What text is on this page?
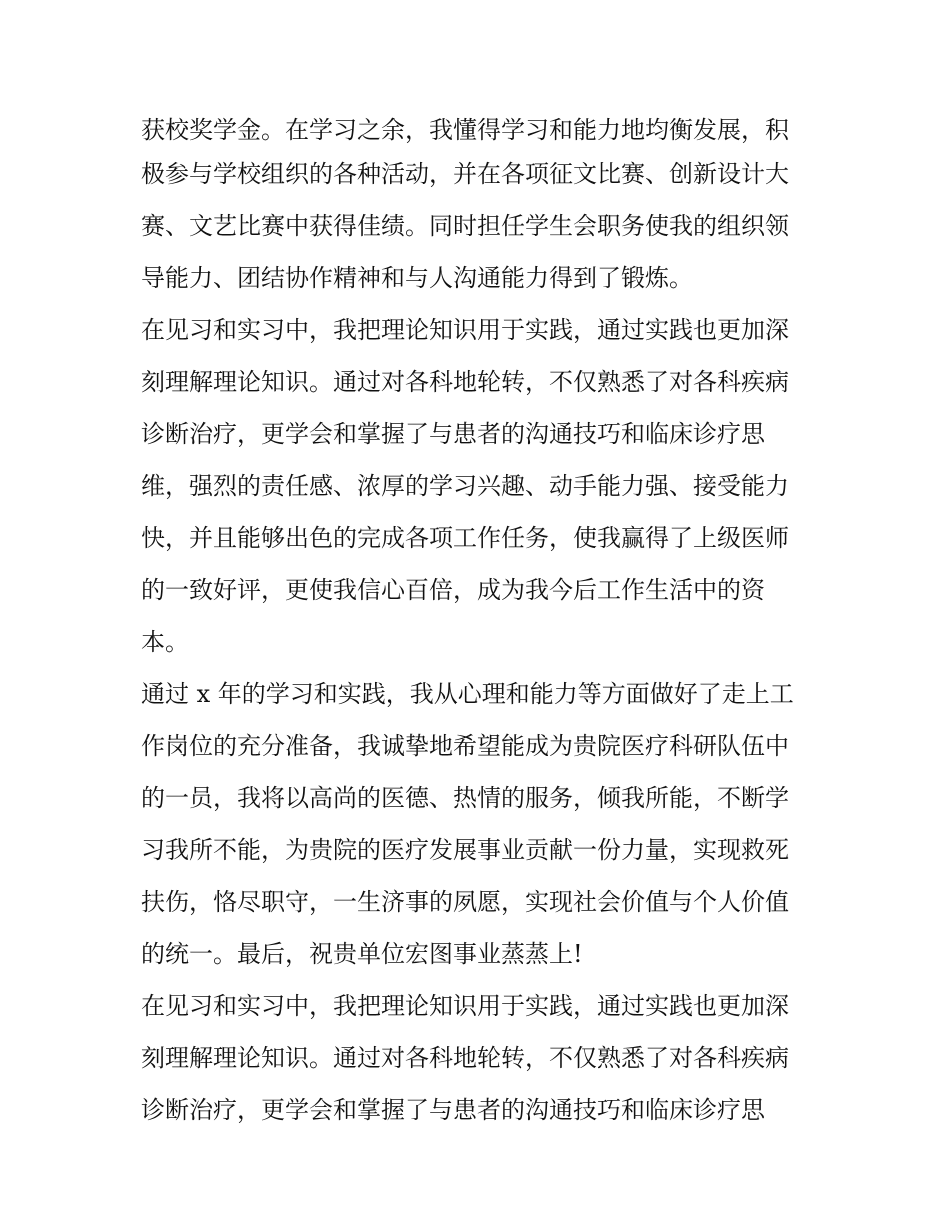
获校奖学金。在学习之余，我懂得学习和能力地均衡发展，积
极参与学校组织的各种活动，并在各项征文比赛、创新设计大
赛、文艺比赛中获得佳绩。同时担任学生会职务使我的组织领
导能力、团结协作精神和与人沟通能力得到了锻炼。
在见习和实习中，我把理论知识用于实践，通过实践也更加深
刻理解理论知识。通过对各科地轮转，不仅熟悉了对各科疾病
诊断治疗，更学会和掌握了与患者的沟通技巧和临床诊疗思
维，强烈的责任感、浓厚的学习兴趣、动手能力强、接受能力
快，并且能够出色的完成各项工作任务，使我赢得了上级医师
的一致好评，更使我信心百倍，成为我今后工作生活中的资
本。
通过 x 年的学习和实践，我从心理和能力等方面做好了走上工
作岗位的充分准备，我诚挚地希望能成为贵院医疗科研队伍中
的一员，我将以高尚的医德、热情的服务，倾我所能，不断学
习我所不能，为贵院的医疗发展事业贡献一份力量，实现救死
扶伤，恪尽职守，一生济事的夙愿，实现社会价值与个人价值
的统一。最后，祝贵单位宏图事业蒸蒸上!
在见习和实习中，我把理论知识用于实践，通过实践也更加深
刻理解理论知识。通过对各科地轮转，不仅熟悉了对各科疾病
诊断治疗，更学会和掌握了与患者的沟通技巧和临床诊疗思
